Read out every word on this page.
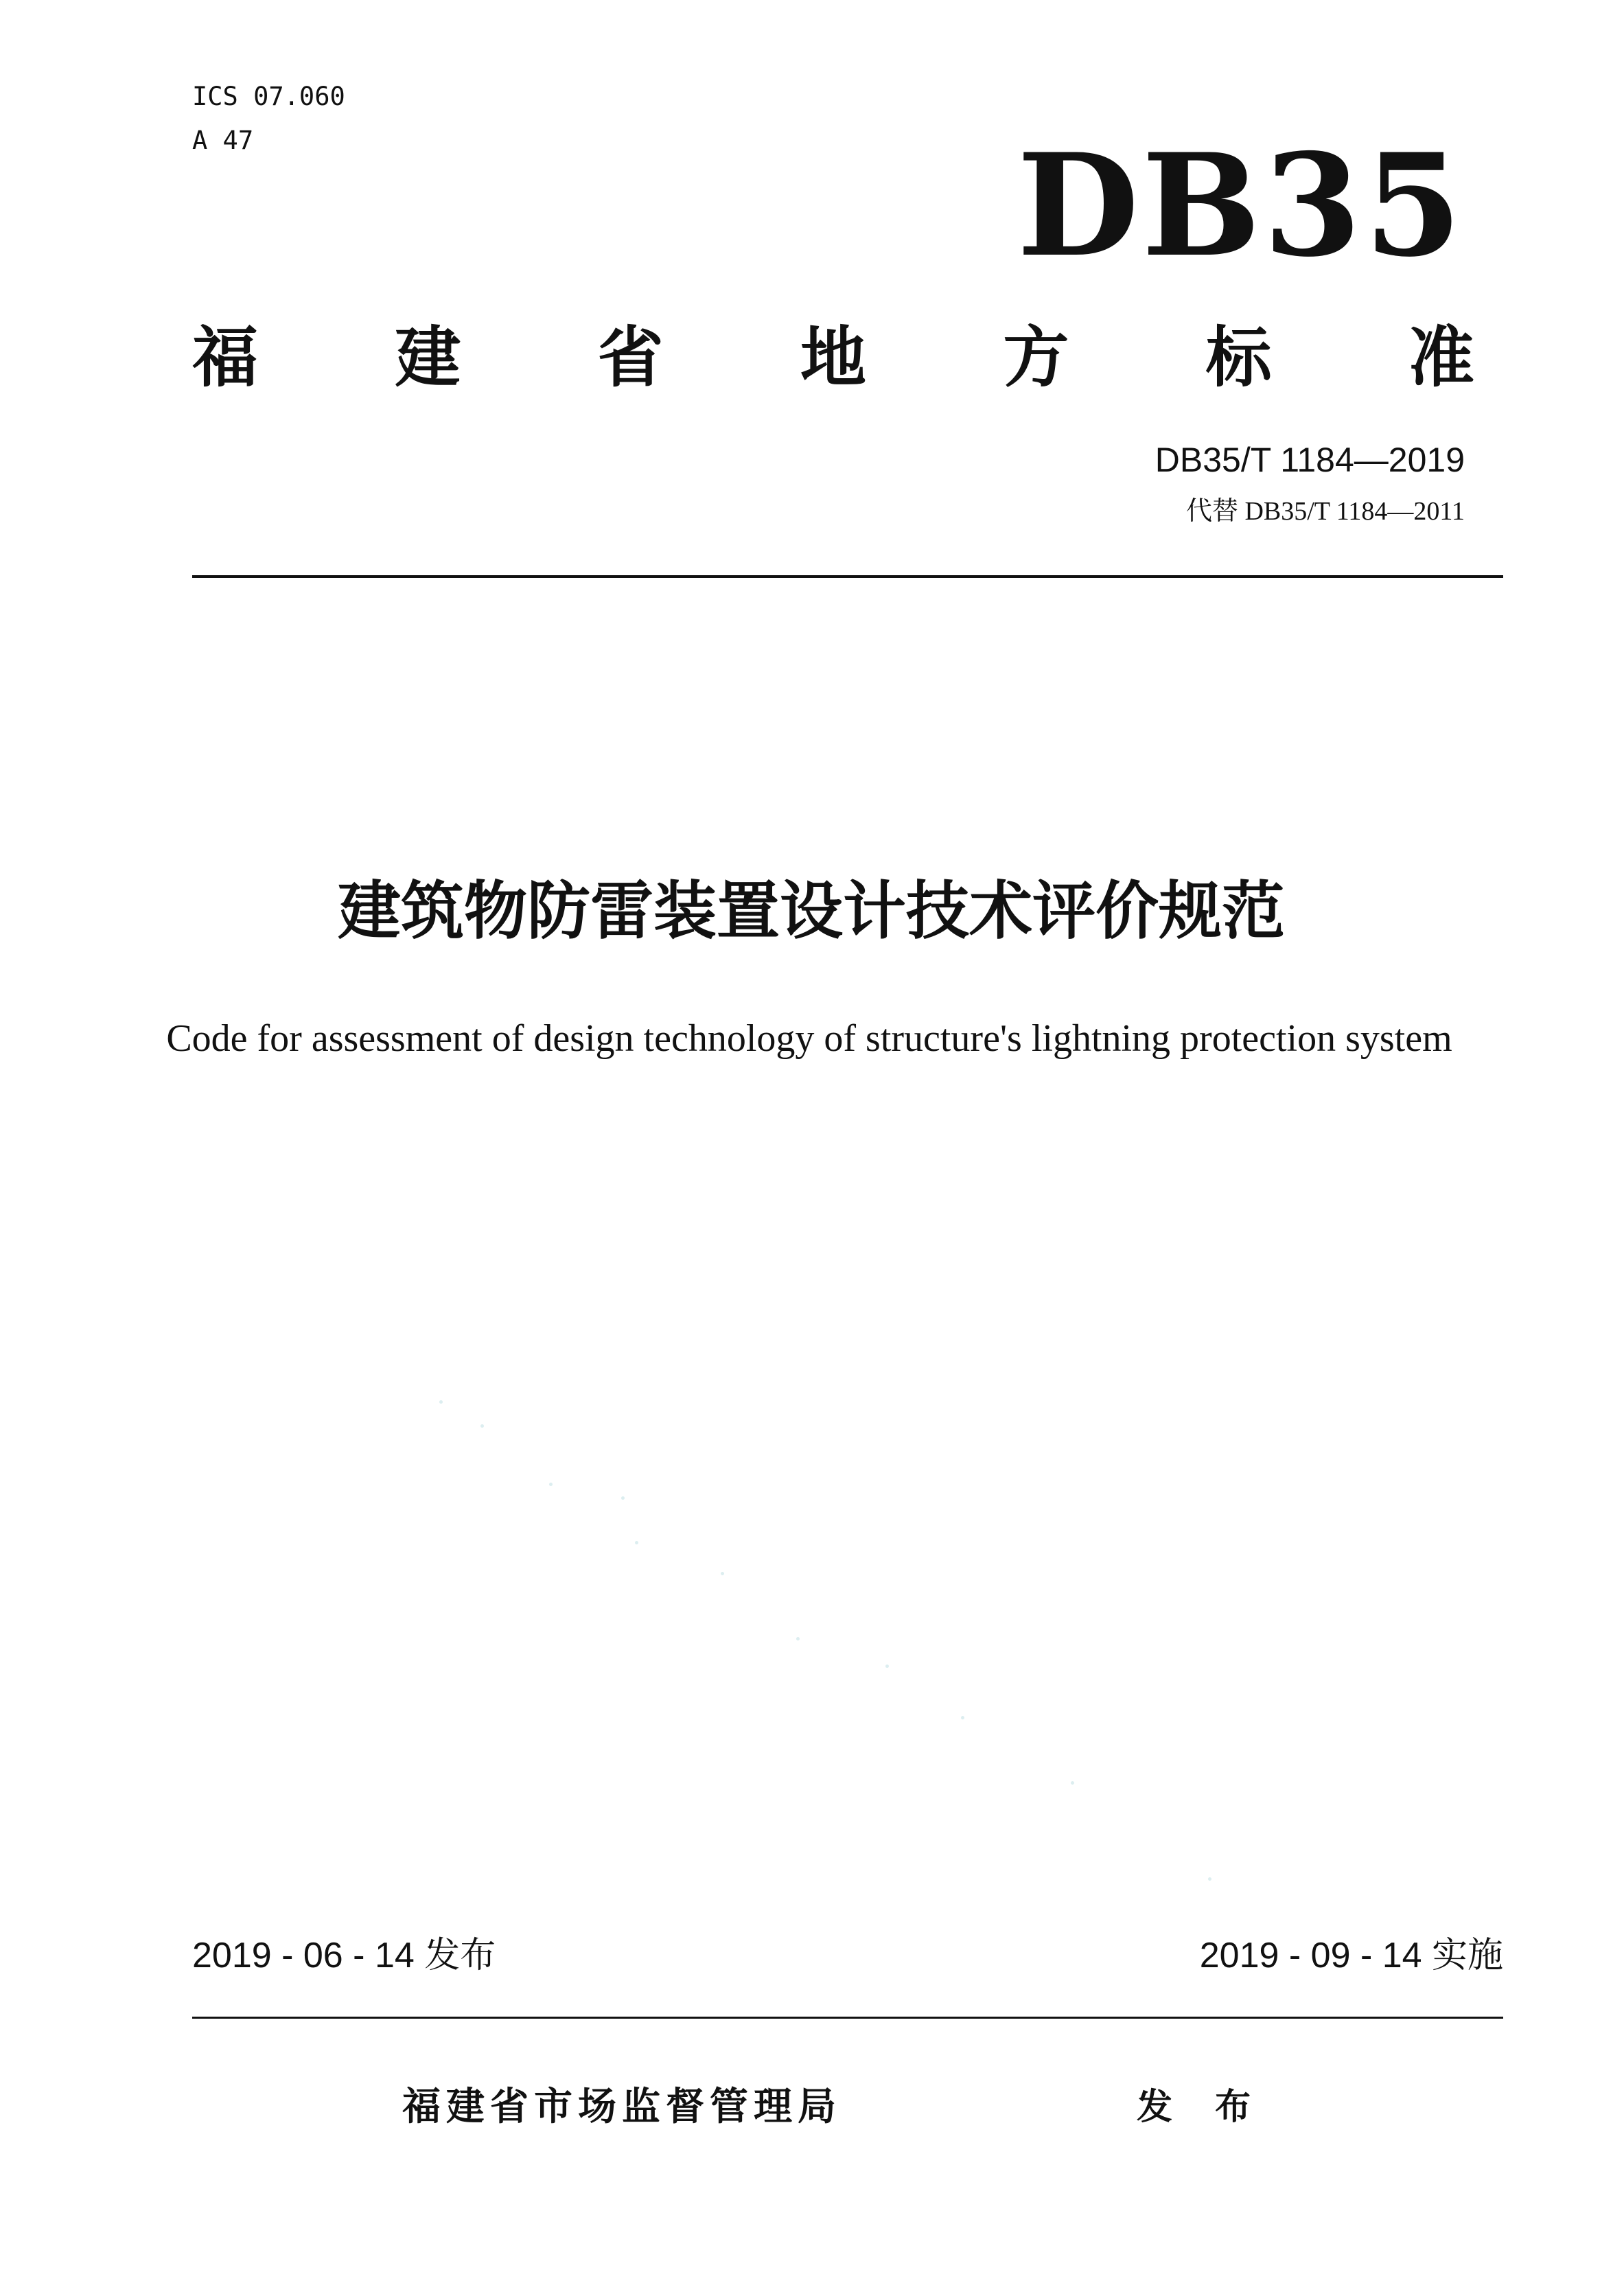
ICS 07.060
A 47	DB35
福 建 省 地 方 标 准
DB35/T 1184—2019
代替 DB35/T 1184—2011
建筑物防雷装置设计技术评价规范
Code for assessment of design technology of structure's lightning protection system
2019 - 06 - 14 发布	2019 - 09 - 14 实施
福建省市场监督管理局	发 布
